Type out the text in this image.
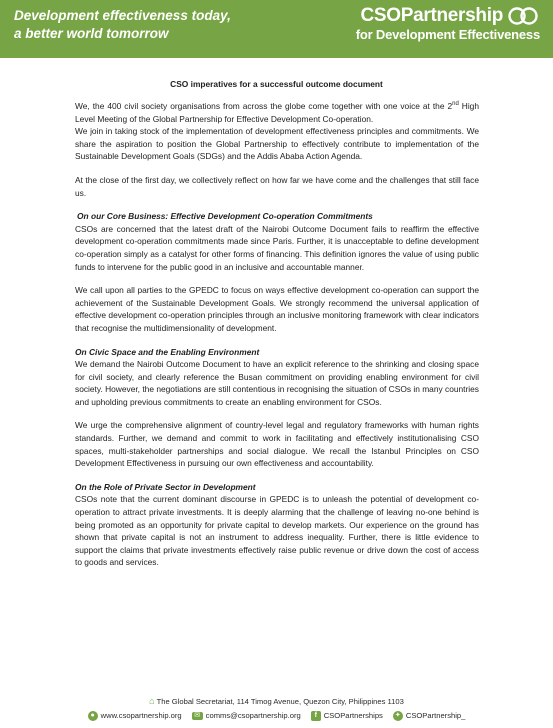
Development effectiveness today,
a better world tomorrow
CSOPartnership
for Development Effectiveness
CSO imperatives for a successful outcome document

We, the 400 civil society organisations from across the globe come together with one voice at the 2nd High Level Meeting of the Global Partnership for Effective Development Co-operation.

We join in taking stock of the implementation of development effectiveness principles and commitments. We share the aspiration to position the Global Partnership to effectively contribute to implementation of the Sustainable Development Goals (SDGs) and the Addis Ababa Action Agenda.

At the close of the first day, we collectively reflect on how far we have come and the challenges that still face us.

On our Core Business: Effective Development Co-operation Commitments

CSOs are concerned that the latest draft of the Nairobi Outcome Document fails to reaffirm the effective development co-operation commitments made since Paris. Further, it is unacceptable to define development co-operation simply as a catalyst for other forms of financing. This definition ignores the value of using public funds to intervene for the public good in an inclusive and accountable manner.

We call upon all parties to the GPEDC to focus on ways effective development co-operation can support the achievement of the Sustainable Development Goals. We strongly recommend the universal application of effective development co-operation principles through an inclusive monitoring framework with clear indicators that recognise the multidimensionality of development.

On Civic Space and the Enabling Environment

We demand the Nairobi Outcome Document to have an explicit reference to the shrinking and closing space for civil society, and clearly reference the Busan commitment on providing enabling environment for civil society. However, the negotiations are still contentious in recognising the situation of CSOs in many countries and upholding previous commitments to create an enabling environment for CSOs.

We urge the comprehensive alignment of country-level legal and regulatory frameworks with human rights standards. Further, we demand and commit to work in facilitating and effectively institutionalising CSO spaces, multi-stakeholder partnerships and social dialogue. We recall the Istanbul Principles on CSO Development Effectiveness in pursuing our own effectiveness and accountability.

On the Role of Private Sector in Development

CSOs note that the current dominant discourse in GPEDC is to unleash the potential of development co-operation to attract private investments. It is deeply alarming that the challenge of leaving no-one behind is being promoted as an opportunity for private capital to develop markets. Our experience on the ground has shown that private capital is not an instrument to address inequality. Further, there is little evidence to support the claims that private investments effectively raise public revenue or drive down the cost of access to goods and services.

⌂ The Global Secretariat, 114 Timog Avenue, Quezon City, Philippines 1103
● www.csopartnership.org	✉ comms@csopartnership.org	f CSOPartnerships ✦ CSOPartnership_
